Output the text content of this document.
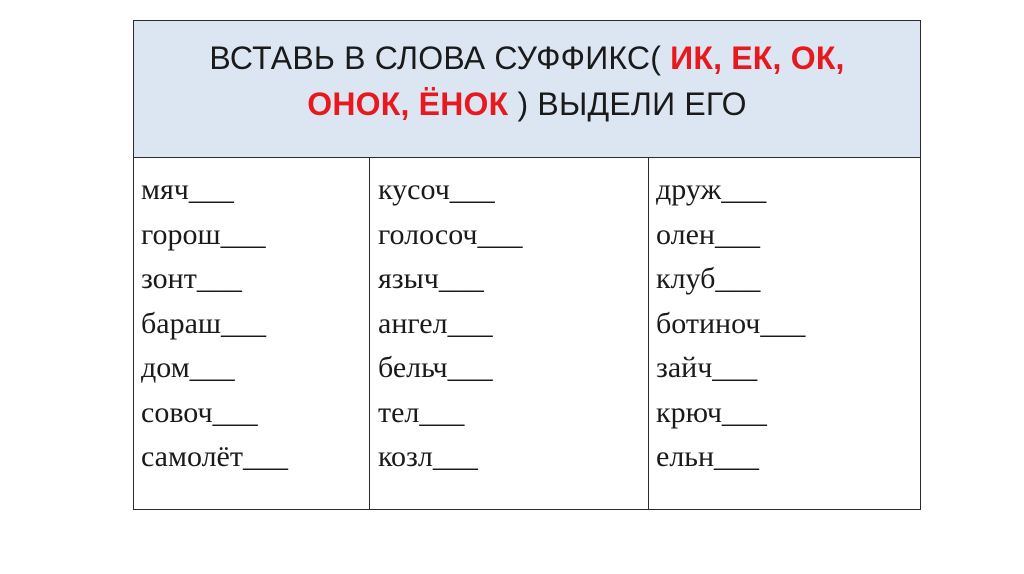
ВСТАВЬ В СЛОВА СУФФИКС( ИК, ЕК, ОК,
ОНОК, ЁНОК ) ВЫДЕЛИ ЕГО
мяч___
горош___
зонт___
бараш___
дом___
совоч___
самолёт___
кусоч___
голосоч___
языч___
ангел___
бельч___
тел___
козл___
друж___
олен___
клуб___
ботиноч___
зайч___
крюч___
ельн___
